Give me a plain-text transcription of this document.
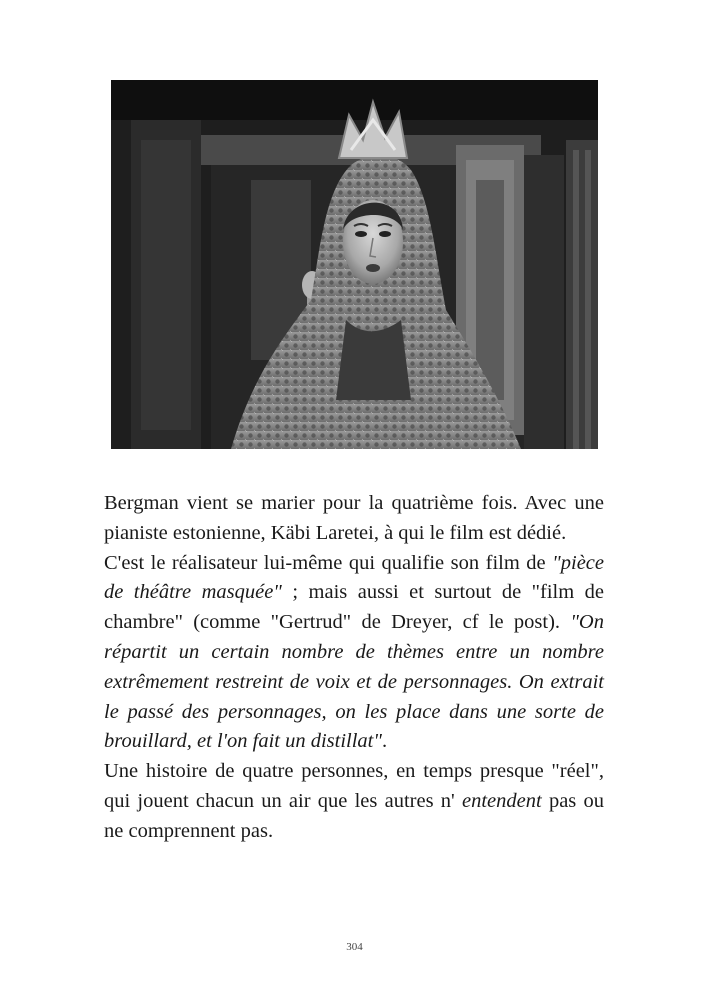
Bergman vient se marier pour la quatrième fois. Avec une pianiste estonienne, Käbi Laretei, à qui le film est dédié.

C'est le réalisateur lui-même qui qualifie son film de "pièce de théâtre masquée" ; mais aussi et surtout de "film de chambre" (comme "Gertrud" de Dreyer, cf le post). "On répartit un certain nombre de thèmes entre un nombre extrêmement restreint de voix et de personnages. On extrait le passé des personnages, on les place dans une sorte de brouillard, et l'on fait un distillat".

Une histoire de quatre personnes, en temps presque "réel", qui jouent chacun un air que les autres n' entendent pas ou ne comprennent pas.

304
